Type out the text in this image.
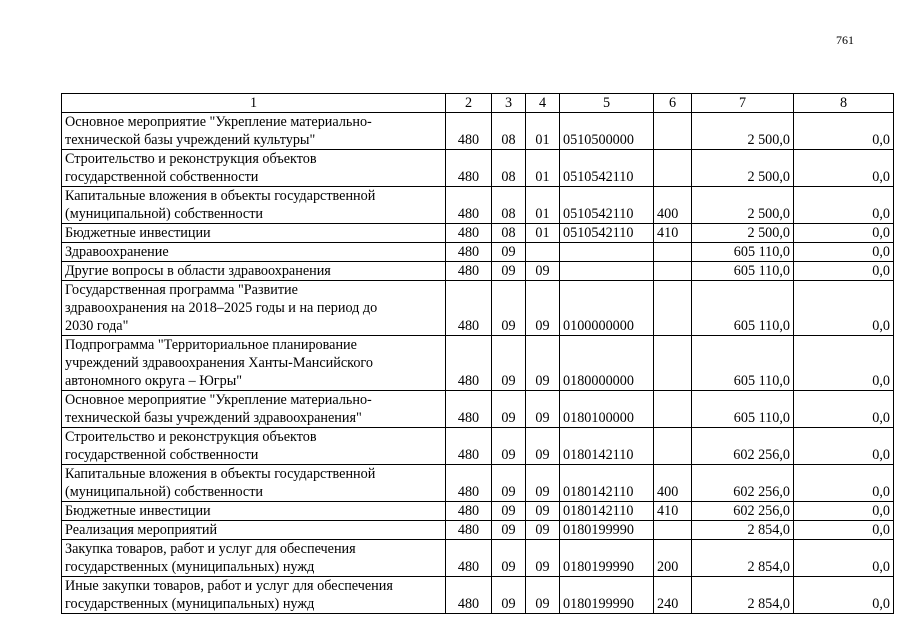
761
1	2	3	4	5	6	7	8
Основное мероприятие "Укрепление материально-
технической базы учреждений культуры"	480	08	01	0510500000		2 500,0	0,0
Строительство и реконструкция объектов
государственной собственности	480	08	01	0510542110		2 500,0	0,0
Капитальные вложения в объекты государственной
(муниципальной) собственности	480	08	01	0510542110	400	2 500,0	0,0
Бюджетные инвестиции	480	08	01	0510542110	410	2 500,0	0,0
Здравоохранение	480	09				605 110,0	0,0
Другие вопросы в области здравоохранения	480	09	09			605 110,0	0,0
Государственная программа "Развитие
здравоохранения на 2018–2025 годы и на период до
2030 года"	480	09	09	0100000000		605 110,0	0,0
Подпрограмма "Территориальное планирование
учреждений здравоохранения Ханты-Мансийского
автономного округа – Югры"	480	09	09	0180000000		605 110,0	0,0
Основное мероприятие "Укрепление материально-
технической базы учреждений здравоохранения"	480	09	09	0180100000		605 110,0	0,0
Строительство и реконструкция объектов
государственной собственности	480	09	09	0180142110		602 256,0	0,0
Капитальные вложения в объекты государственной
(муниципальной) собственности	480	09	09	0180142110	400	602 256,0	0,0
Бюджетные инвестиции	480	09	09	0180142110	410	602 256,0	0,0
Реализация мероприятий	480	09	09	0180199990		2 854,0	0,0
Закупка товаров, работ и услуг для обеспечения
государственных (муниципальных) нужд	480	09	09	0180199990	200	2 854,0	0,0
Иные закупки товаров, работ и услуг для обеспечения
государственных (муниципальных) нужд	480	09	09	0180199990	240	2 854,0	0,0
